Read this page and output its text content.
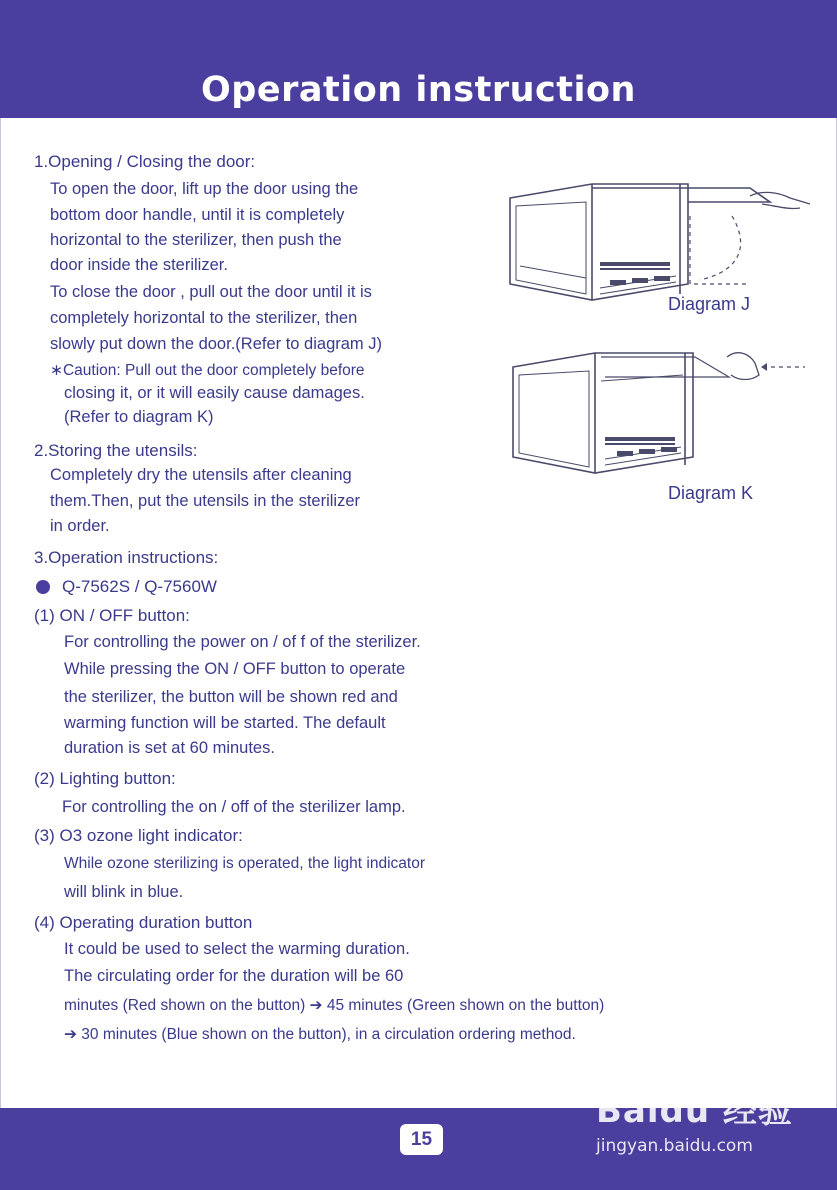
Operation instruction
1.Opening / Closing the door:
To open the door, lift up the door using the
bottom door handle, until it is completely
horizontal to the sterilizer, then push the
door inside the sterilizer.
To close the door , pull out the door until it is
completely horizontal to the sterilizer, then
slowly put down the door.(Refer to diagram J)
∗Caution: Pull out the door completely before
closing it, or it will easily cause damages.
(Refer to diagram K)
2.Storing the utensils:
Completely dry the utensils after cleaning
them.Then, put the utensils in the sterilizer
in order.
3.Operation instructions:
Q-7562S / Q-7560W
(1) ON / OFF button:
For controlling the power on / of f of the sterilizer.
While pressing the ON / OFF button to operate
the sterilizer, the button will be shown red and
warming function will be started. The default
duration is set at 60 minutes.
(2) Lighting button:
For controlling the on / off of the sterilizer lamp.
(3) O3 ozone light indicator:
While ozone sterilizing is operated, the light indicator
will blink in blue.
(4) Operating duration button
It could be used to select the warming duration.
The circulating order for the duration will be 60
minutes (Red shown on the button) ➔ 45 minutes (Green shown on the button)
➔ 30 minutes (Blue shown on the button), in a circulation ordering method.
Diagram J
Diagram K
15
Baidu 经验
jingyan.baidu.com
